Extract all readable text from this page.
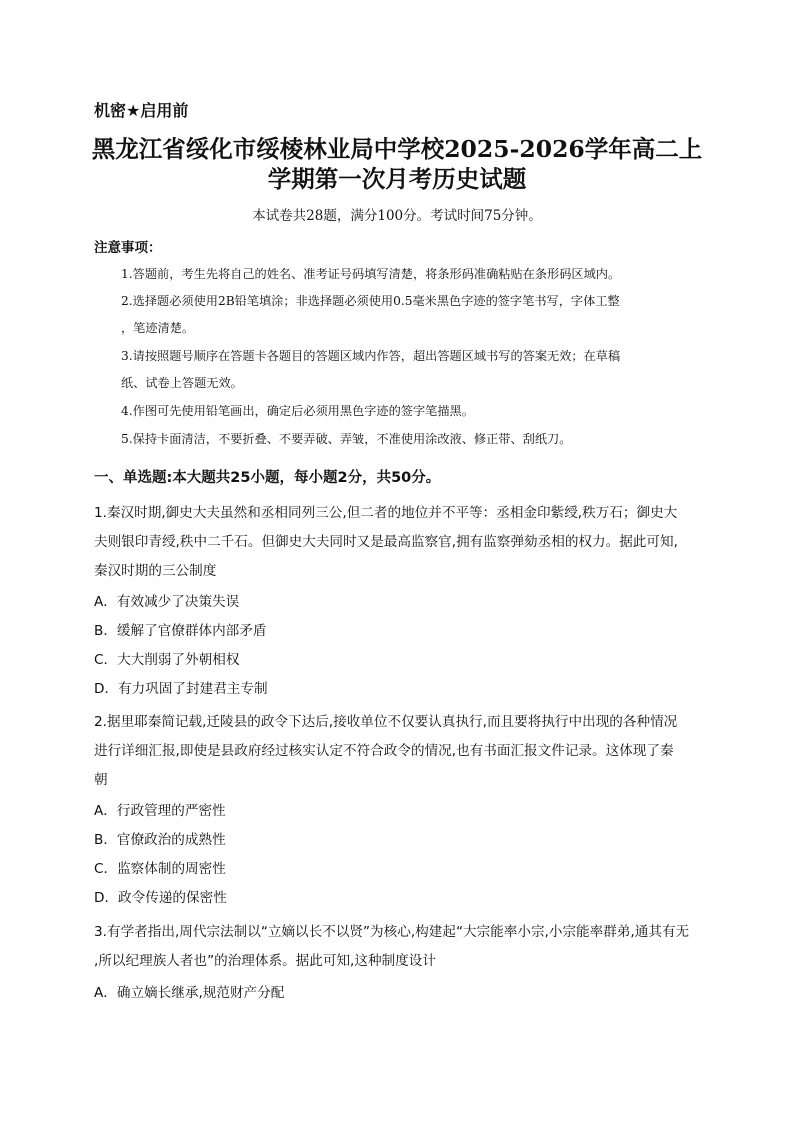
机密★启用前
黑龙江省绥化市绥棱林业局中学校2025-2026学年高二上
学期第一次月考历史试题
本试卷共28题，满分100分。考试时间75分钟。
注意事项：
1.答题前，考生先将自己的姓名、准考证号码填写清楚，将条形码准确粘贴在条形码区域内。
2.选择题必须使用2B铅笔填涂；非选择题必须使用0.5毫米黑色字迹的签字笔书写，字体工整
，笔迹清楚。
3.请按照题号顺序在答题卡各题目的答题区域内作答，超出答题区域书写的答案无效；在草稿
纸、试卷上答题无效。
4.作图可先使用铅笔画出，确定后必须用黑色字迹的签字笔描黑。
5.保持卡面清洁，不要折叠、不要弄破、弄皱，不准使用涂改液、修正带、刮纸刀。
一、单选题:本大题共25小题，每小题2分，共50分。
1.秦汉时期,御史大夫虽然和丞相同列三公,但二者的地位并不平等：丞相金印紫绶,秩万石；御史大
夫则银印青绶,秩中二千石。但御史大夫同时又是最高监察官,拥有监察弹劾丞相的权力。据此可知,
秦汉时期的三公制度
A．有效减少了决策失误
B．缓解了官僚群体内部矛盾
C．大大削弱了外朝相权
D．有力巩固了封建君主专制
2.据里耶秦简记载,迁陵县的政令下达后,接收单位不仅要认真执行,而且要将执行中出现的各种情况
进行详细汇报,即使是县政府经过核实认定不符合政令的情况,也有书面汇报文件记录。这体现了秦
朝
A．行政管理的严密性
B．官僚政治的成熟性
C．监察体制的周密性
D．政令传递的保密性
3.有学者指出,周代宗法制以“立嫡以长不以贤”为核心,构建起“大宗能率小宗,小宗能率群弟,通其有无
,所以纪理族人者也”的治理体系。据此可知,这种制度设计
A．确立嫡长继承,规范财产分配
